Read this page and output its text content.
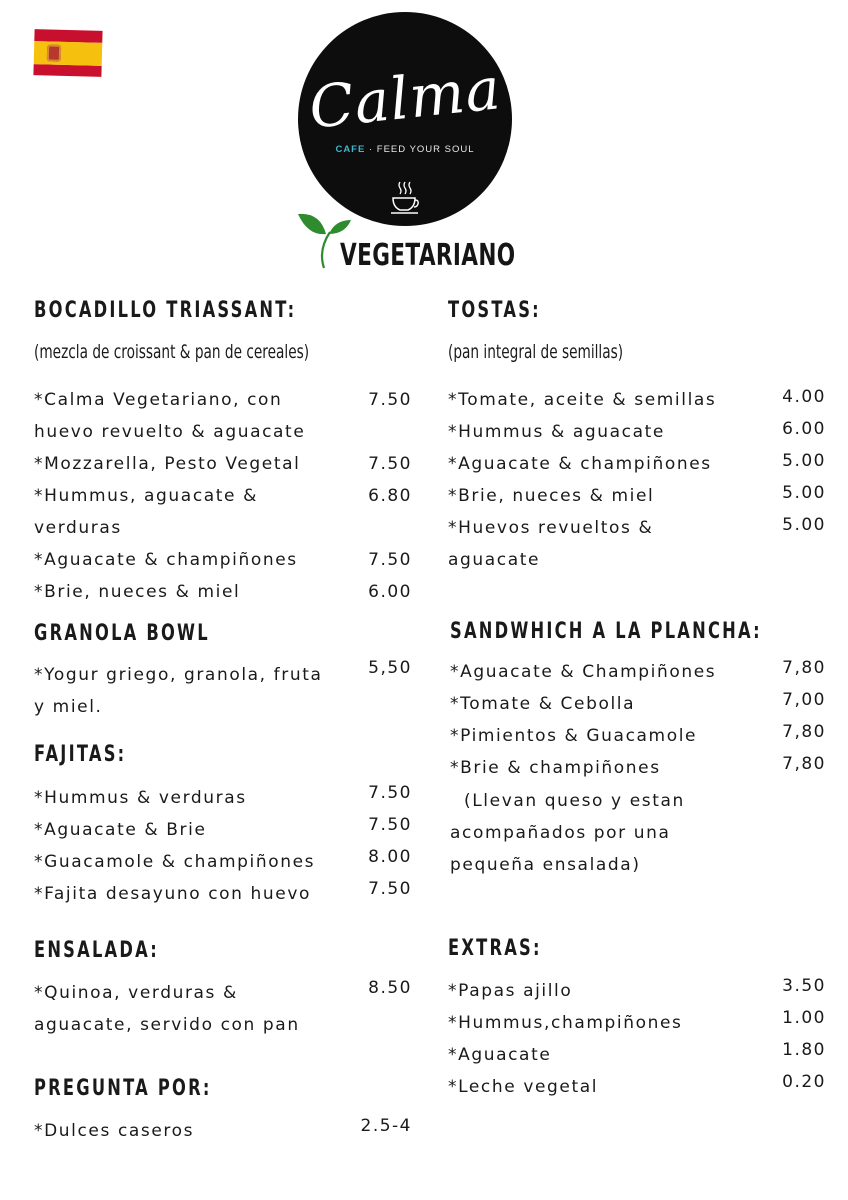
Calma
CAFE · FEED YOUR SOUL
VEGETARIANO
BOCADILLO TRIASSANT:
(mezcla de croissant & pan de cereales)
*Calma Vegetariano, con
huevo revuelto & aguacate
7.50
*Mozzarella, Pesto Vegetal	7.50
*Hummus, aguacate &
verduras
6.80
*Aguacate & champiñones	7.50
*Brie, nueces & miel	6.00
GRANOLA BOWL
*Yogur griego, granola, fruta
y miel.
5,50
FAJITAS:
*Hummus & verduras	7.50
*Aguacate & Brie	7.50
*Guacamole & champiñones	8.00
*Fajita desayuno con huevo	7.50
ENSALADA:
*Quinoa, verduras &
aguacate, servido con pan
8.50
PREGUNTA POR:
*Dulces caseros	2.5-4
TOSTAS:
(pan integral de semillas)
*Tomate, aceite & semillas	4.00
*Hummus & aguacate	6.00
*Aguacate & champiñones	5.00
*Brie, nueces & miel	5.00
*Huevos revueltos &
aguacate
5.00
SANDWHICH A LA PLANCHA:
*Aguacate & Champiñones	7,80
*Tomate & Cebolla	7,00
*Pimientos & Guacamole	7,80
*Brie & champiñones	7,80
(Llevan queso y estan
acompañados por una
pequeña ensalada)
EXTRAS:
*Papas ajillo	3.50
*Hummus,champiñones	1.00
*Aguacate	1.80
*Leche vegetal	0.20
